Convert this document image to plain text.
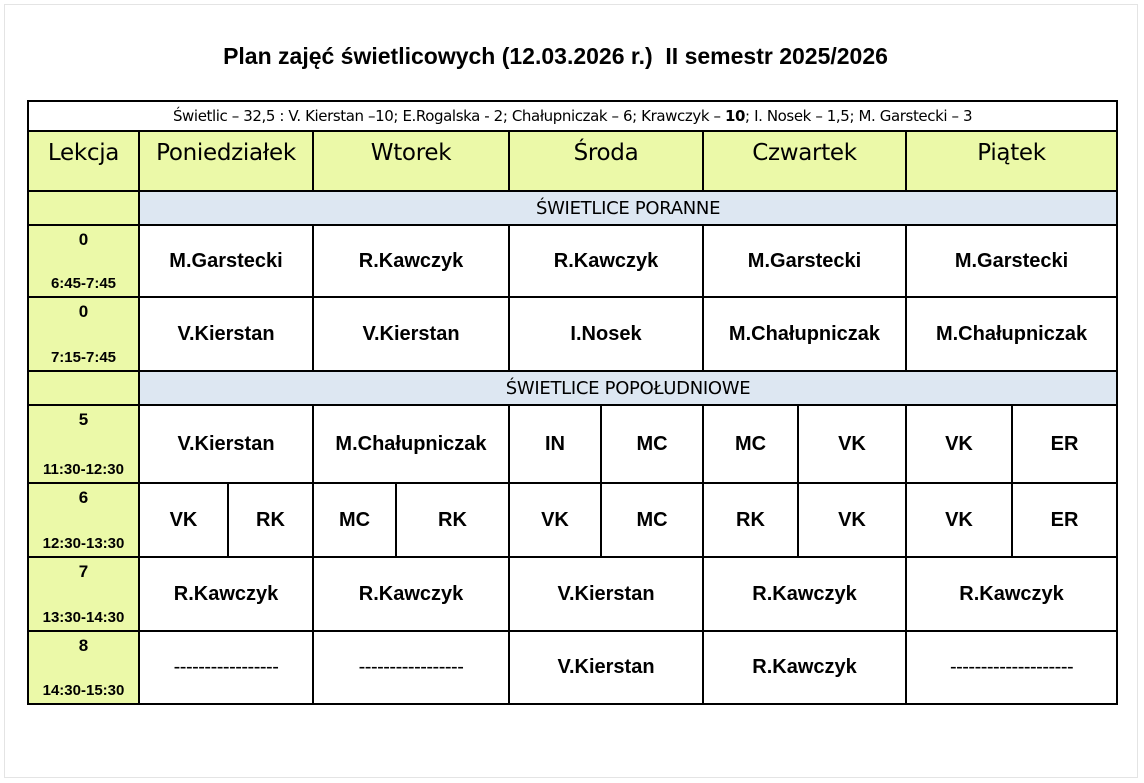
Plan zajęć świetlicowych (12.03.2026 r.)  II semestr 2025/2026
Świetlic – 32,5 : V. Kierstan –10; E.Rogalska - 2; Chałupniczak – 6; Krawczyk – 10; I. Nosek – 1,5; M. Garstecki – 3										
Lekcja	Poniedziałek		Wtorek		Środa		Czwartek		Piątek	
	ŚWIETLICE PORANNE									

0
6:45-7:45	M.Garstecki		R.Kawczyk		R.Kawczyk		M.Garstecki		M.Garstecki	

0
7:15-7:45	V.Kierstan		V.Kierstan		I.Nosek		M.Chałupniczak		M.Chałupniczak	
	ŚWIETLICE POPOŁUDNIOWE									

5
11:30-12:30	V.Kierstan		M.Chałupniczak		IN	MC	MC	VK	VK	ER

6
12:30-13:30	VK	RK	MC	RK	VK	MC	RK	VK	VK	ER

7
13:30-14:30	R.Kawczyk		R.Kawczyk		V.Kierstan		R.Kawczyk		R.Kawczyk	

8
14:30-15:30	-----------------		-----------------		V.Kierstan		R.Kawczyk		--------------------	
